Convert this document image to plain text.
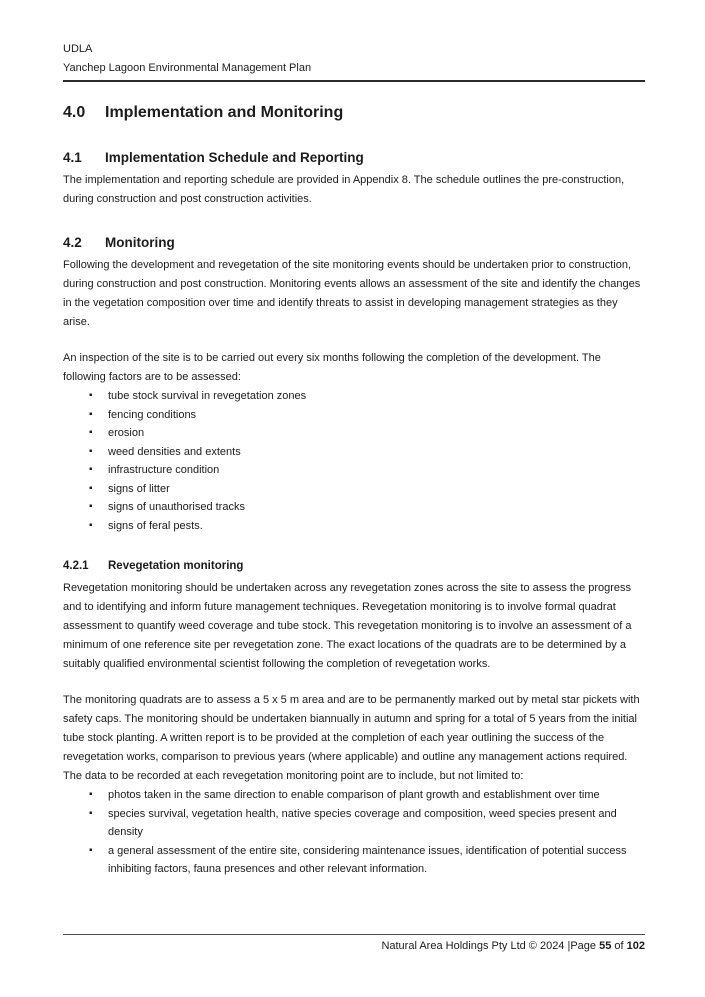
UDLA
Yanchep Lagoon Environmental Management Plan
4.0	Implementation and Monitoring
4.1	Implementation Schedule and Reporting

The implementation and reporting schedule are provided in Appendix 8. The schedule outlines the pre-construction, during construction and post construction activities.

4.2	Monitoring

Following the development and revegetation of the site monitoring events should be undertaken prior to construction, during construction and post construction. Monitoring events allows an assessment of the site and identify the changes in the vegetation composition over time and identify threats to assist in developing management strategies as they arise.

An inspection of the site is to be carried out every six months following the completion of the development. The following factors are to be assessed:

▪ tube stock survival in revegetation zones
▪ fencing conditions
▪ erosion
▪ weed densities and extents
▪ infrastructure condition
▪ signs of litter
▪ signs of unauthorised tracks
▪ signs of feral pests.
4.2.1	Revegetation monitoring

Revegetation monitoring should be undertaken across any revegetation zones across the site to assess the progress and to identifying and inform future management techniques. Revegetation monitoring is to involve formal quadrat assessment to quantify weed coverage and tube stock. This revegetation monitoring is to involve an assessment of a minimum of one reference site per revegetation zone. The exact locations of the quadrats are to be determined by a suitably qualified environmental scientist following the completion of revegetation works.

The monitoring quadrats are to assess a 5 x 5 m area and are to be permanently marked out by metal star pickets with safety caps. The monitoring should be undertaken biannually in autumn and spring for a total of 5 years from the initial tube stock planting. A written report is to be provided at the completion of each year outlining the success of the revegetation works, comparison to previous years (where applicable) and outline any management actions required. The data to be recorded at each revegetation monitoring point are to include, but not limited to:

▪ photos taken in the same direction to enable comparison of plant growth and establishment over time
▪ species survival, vegetation health, native species coverage and composition, weed species present and density
▪ a general assessment of the entire site, considering maintenance issues, identification of potential success inhibiting factors, fauna presences and other relevant information.
Natural Area Holdings Pty Ltd © 2024 |Page 55 of 102
